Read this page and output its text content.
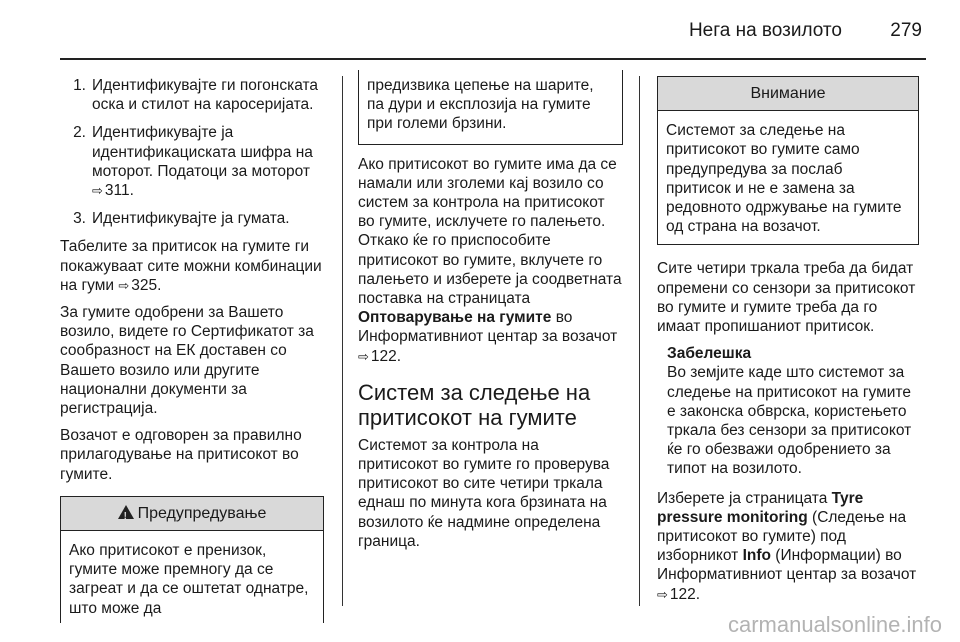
Нега на возилото	279
1. Идентификувајте ги погонската оска и стилот на каросеријата.
2. Идентификувајте ја идентификациската шифра на моторот. Податоци за моторот ⇨ 311.
3. Идентификувајте ја гумата.

Табелите за притисок на гумите ги покажуваат сите можни комбинации на гуми ⇨ 325.

За гумите одобрени за Вашето возило, видете го Сертификатот за сообразност на ЕК доставен со Вашето возило или другите национални документи за регистрација.

Возачот е одговорен за правилно прилагодување на притисокот во гумите.

!Предупредување
Ако притисокот е пренизок, гумите може премногу да се загреат и да се оштетат однатре, што може да
предизвика цепење на шарите, па дури и експлозија на гумите при големи брзини.

Ако притисокот во гумите има да се намали или зголеми кај возило со систем за контрола на притисокот во гумите, исклучете го палењето. Откако ќе го приспособите притисокот во гумите, вклучете го палењето и изберете ја соодветната поставка на страницата Оптоварување на гумите во Информативниот центар за возачот ⇨ 122.

Систем за следење на притисокот на гумите

Системот за контрола на притисокот во гумите го проверува притисокот во сите четири тркала еднаш по минута кога брзината на возилото ќе надмине определена граница.

Внимание
Системот за следење на притисокот во гумите само предупредува за послаб притисок и не е замена за редовното одржување на гумите од страна на возачот.

Сите четири тркала треба да бидат опремени со сензори за притисокот во гумите и гумите треба да го имаат пропишаниот притисок.

Забелешка
Во земјите каде што системот за следење на притисокот на гумите е законска обврска, користењето тркала без сензори за притисокот ќе го обезважи одобрението за типот на возилото.

Изберете ја страницата Tyre pressure monitoring (Следење на притисокот во гумите) под изборникот Info (Информации) во Информативниот центар за возачот ⇨ 122.

carmanualsonline.info
